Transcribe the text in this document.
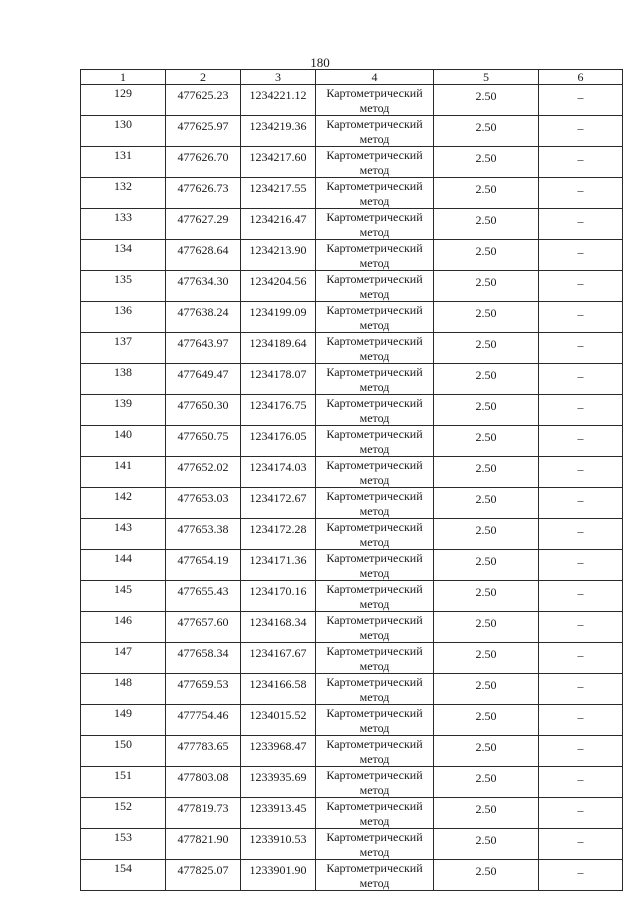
180
1	2	3	4	5	6

129	477625.23	1234221.12	Картометрический
метод	2.50	–

130	477625.97	1234219.36	Картометрический
метод	2.50	–

131	477626.70	1234217.60	Картометрический
метод	2.50	–

132	477626.73	1234217.55	Картометрический
метод	2.50	–

133	477627.29	1234216.47	Картометрический
метод	2.50	–

134	477628.64	1234213.90	Картометрический
метод	2.50	–

135	477634.30	1234204.56	Картометрический
метод	2.50	–

136	477638.24	1234199.09	Картометрический
метод	2.50	–

137	477643.97	1234189.64	Картометрический
метод	2.50	–

138	477649.47	1234178.07	Картометрический
метод	2.50	–

139	477650.30	1234176.75	Картометрический
метод	2.50	–

140	477650.75	1234176.05	Картометрический
метод	2.50	–

141	477652.02	1234174.03	Картометрический
метод	2.50	–

142	477653.03	1234172.67	Картометрический
метод	2.50	–

143	477653.38	1234172.28	Картометрический
метод	2.50	–

144	477654.19	1234171.36	Картометрический
метод	2.50	–

145	477655.43	1234170.16	Картометрический
метод	2.50	–

146	477657.60	1234168.34	Картометрический
метод	2.50	–

147	477658.34	1234167.67	Картометрический
метод	2.50	–

148	477659.53	1234166.58	Картометрический
метод	2.50	–

149	477754.46	1234015.52	Картометрический
метод	2.50	–

150	477783.65	1233968.47	Картометрический
метод	2.50	–

151	477803.08	1233935.69	Картометрический
метод	2.50	–

152	477819.73	1233913.45	Картометрический
метод	2.50	–

153	477821.90	1233910.53	Картометрический
метод	2.50	–

154	477825.07	1233901.90	Картометрический
метод	2.50	–
